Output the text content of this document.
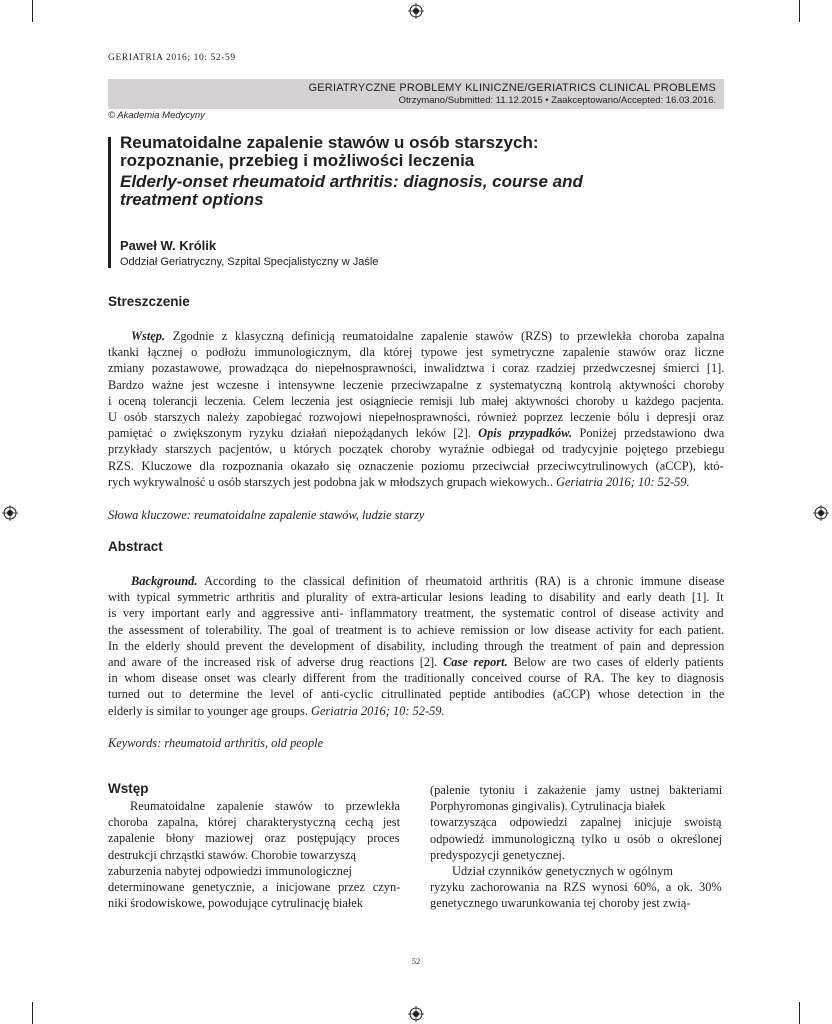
GERIATRIA 2016; 10: 52-59
GERIATRYCZNE PROBLEMY KLINICZNE/GERIATRICS CLINICAL PROBLEMS
Otrzymano/Submitted: 11.12.2015 • Zaakceptowano/Accepted: 16.03.2016.
© Akademia Medycyny
Reumatoidalne zapalenie stawów u osób starszych:
rozpoznanie, przebieg i możliwości leczenia
Elderly-onset rheumatoid arthritis: diagnosis, course and
treatment options
Paweł W. Królik
Oddział Geriatryczny, Szpital Specjalistyczny w Jaśle
Streszczenie
Wstęp. Zgodnie z klasyczną definicją reumatoidalne zapalenie stawów (RZS) to przewlekła choroba zapalna
tkanki łącznej o podłożu immunologicznym, dla której typowe jest symetryczne zapalenie stawów oraz liczne
zmiany pozastawowe, prowadząca do niepełnosprawności, inwalidztwa i coraz rzadziej przedwczesnej śmierci [1].
Bardzo ważne jest wczesne i intensywne leczenie przeciwzapalne z systematyczną kontrolą aktywności choroby
i oceną tolerancji leczenia. Celem leczenia jest osiągniecie remisji lub małej aktywności choroby u każdego pacjenta.
U osób starszych należy zapobiegać rozwojowi niepełnosprawności, również poprzez leczenie bólu i depresji oraz
pamiętać o zwiększonym ryzyku działań niepożądanych leków [2]. Opis przypadków. Poniżej przedstawiono dwa
przykłady starszych pacjentów, u których początek choroby wyraźnie odbiegał od tradycyjnie pojętego przebiegu
RZS. Kluczowe dla rozpoznania okazało się oznaczenie poziomu przeciwciał przeciwcytrulinowych (aCCP), któ-
rych wykrywalność u osób starszych jest podobna jak w młodszych grupach wiekowych.. Geriatria 2016; 10: 52-59.
Słowa kluczowe: reumatoidalne zapalenie stawów, ludzie starzy
Abstract
Background. According to the classical definition of rheumatoid arthritis (RA) is a chronic immune disease
with typical symmetric arthritis and plurality of extra-articular lesions leading to disability and early death [1]. It
is very important early and aggressive anti- inflammatory treatment, the systematic control of disease activity and
the assessment of tolerability. The goal of treatment is to achieve remission or low disease activity for each patient.
In the elderly should prevent the development of disability, including through the treatment of pain and depression
and aware of the increased risk of adverse drug reactions [2]. Case report. Below are two cases of elderly patients
in whom disease onset was clearly different from the traditionally conceived course of RA. The key to diagnosis
turned out to determine the level of anti-cyclic citrullinated peptide antibodies (aCCP) whose detection in the
elderly is similar to younger age groups. Geriatria 2016; 10: 52-59.
Keywords: rheumatoid arthritis, old people
Wstęp
Reumatoidalne zapalenie stawów to przewlekła
choroba zapalna, której charakterystyczną cechą jest
zapalenie błony maziowej oraz postępujący proces
destrukcji chrząstki stawów. Chorobie towarzyszą
zaburzenia nabytej odpowiedzi immunologicznej
determinowane genetycznie, a inicjowane przez czyn-
niki środowiskowe, powodujące cytrulinację białek
(palenie tytoniu i zakażenie jamy ustnej bakteriami
Porphyromonas gingivalis). Cytrulinacja białek
towarzysząca odpowiedzi zapalnej inicjuje swoistą
odpowiedź immunologiczną tylko u osób o określonej
predyspozycji genetycznej.
Udział czynników genetycznych w ogólnym
ryzyku zachorowania na RZS wynosi 60%, a ok. 30%
genetycznego uwarunkowania tej choroby jest zwią-
52
